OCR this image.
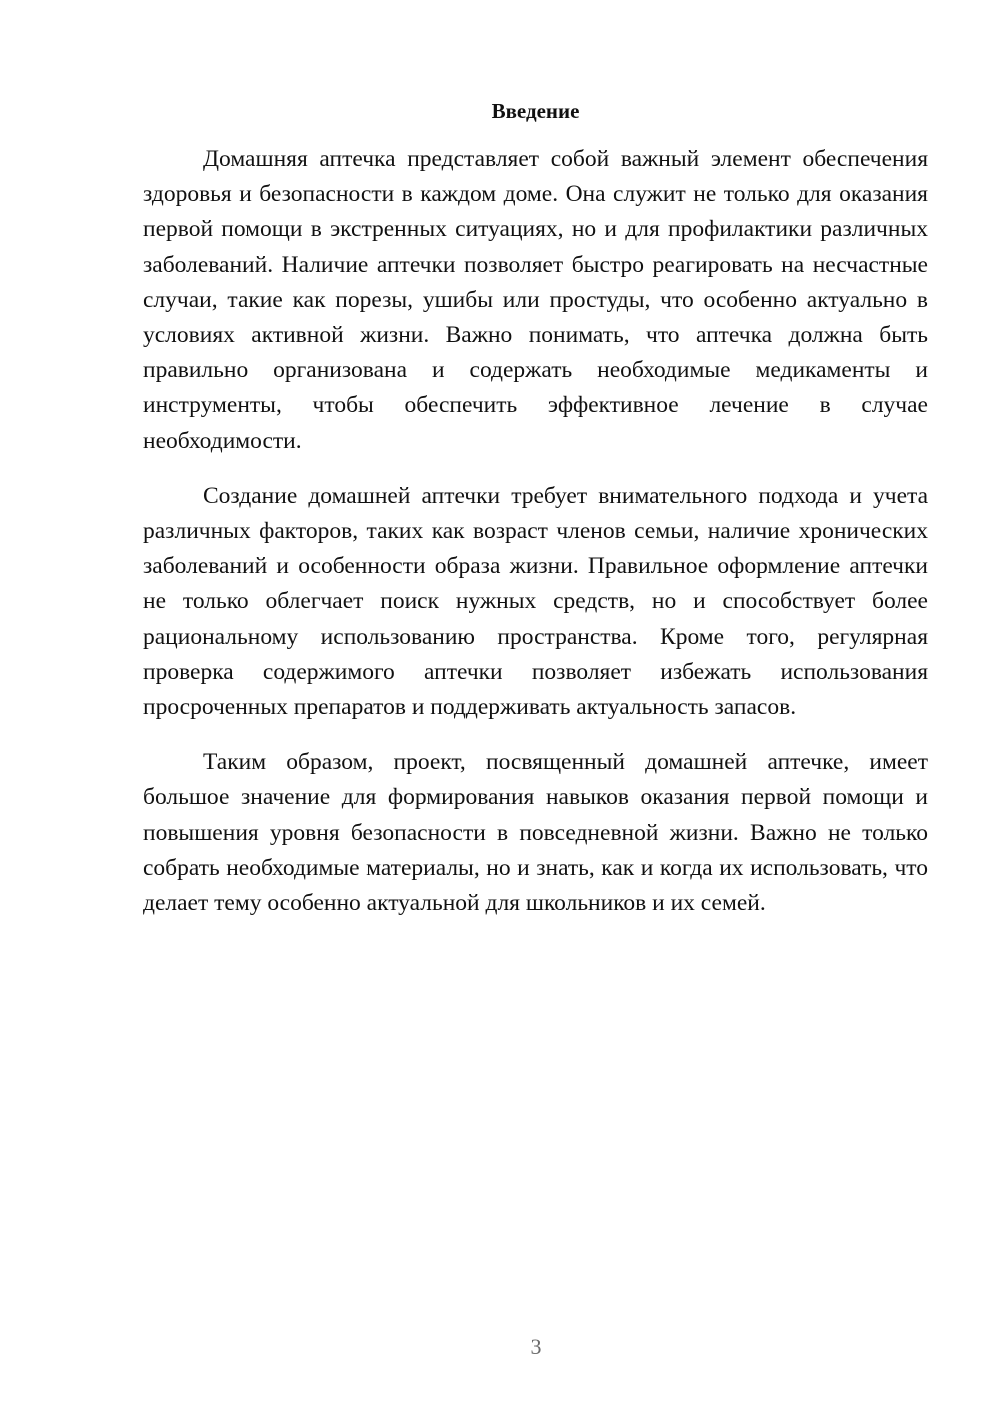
Введение

Домашняя аптечка представляет собой важный элемент обеспечения здоровья и безопасности в каждом доме. Она служит не только для оказания первой помощи в экстренных ситуациях, но и для профилактики различных заболеваний. Наличие аптечки позволяет быстро реагировать на несчастные случаи, такие как порезы, ушибы или простуды, что особенно актуально в условиях активной жизни. Важно понимать, что аптечка должна быть правильно организована и содержать необходимые медикаменты и инструменты, чтобы обеспечить эффективное лечение в случае необходимости.

Создание домашней аптечки требует внимательного подхода и учета различных факторов, таких как возраст членов семьи, наличие хронических заболеваний и особенности образа жизни. Правильное оформление аптечки не только облегчает поиск нужных средств, но и способствует более рациональному использованию пространства. Кроме того, регулярная проверка содержимого аптечки позволяет избежать использования просроченных препаратов и поддерживать актуальность запасов.

Таким образом, проект, посвященный домашней аптечке, имеет большое значение для формирования навыков оказания первой помощи и повышения уровня безопасности в повседневной жизни. Важно не только собрать необходимые материалы, но и знать, как и когда их использовать, что делает тему особенно актуальной для школьников и их семей.

3
